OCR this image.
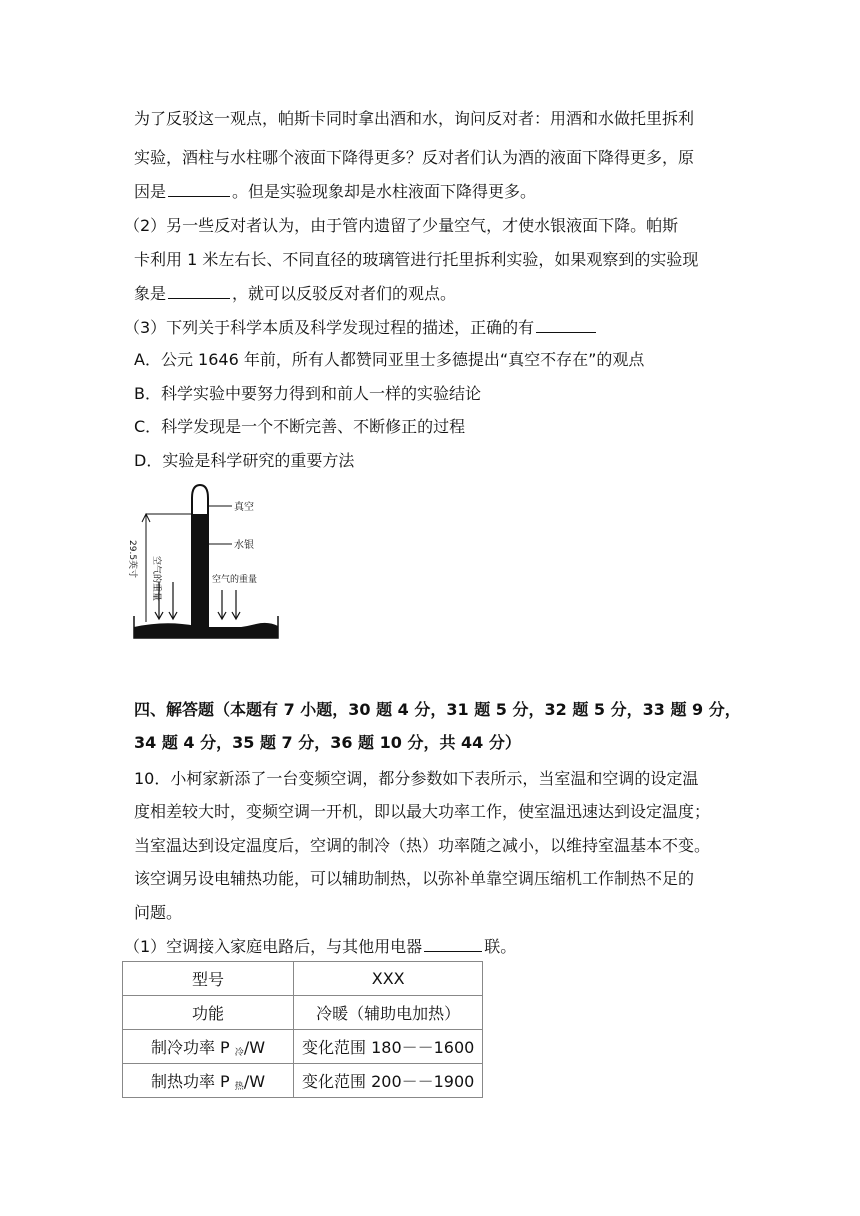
为了反驳这一观点，帕斯卡同时拿出酒和水，询问反对者：用酒和水做托里拆利
实验，酒柱与水柱哪个液面下降得更多？反对者们认为酒的液面下降得更多，原
因是	。但是实验现象却是水柱液面下降得更多。
（2）另一些反对者认为，由于管内遗留了少量空气，才使水银液面下降。帕斯
卡利用 1 米左右长、不同直径的玻璃管进行托里拆利实验，如果观察到的实验现
象是	，就可以反驳反对者们的观点。
（3）下列关于科学本质及科学发现过程的描述，正确的有
A．公元 1646 年前，所有人都赞同亚里士多德提出“真空不存在”的观点
B．科学实验中要努力得到和前人一样的实验结论
C．科学发现是一个不断完善、不断修正的过程
D．实验是科学研究的重要方法
真空
水银
空气的重量
29.5英寸 空气的重量
四、解答题（本题有 7 小题，30 题 4 分，31 题 5 分，32 题 5 分，33 题 9 分，
34 题 4 分，35 题 7 分，36 题 10 分，共 44 分）
10．小柯家新添了一台变频空调，都分参数如下表所示，当室温和空调的设定温
度相差较大时，变频空调一开机，即以最大功率工作，使室温迅速达到设定温度；
当室温达到设定温度后，空调的制冷（热）功率随之减小，以维持室温基本不变。
该空调另设电辅热功能，可以辅助制热，以弥补单靠空调压缩机工作制热不足的
问题。
（1）空调接入家庭电路后，与其他用电器	联。
型号	XXX
功能	冷暖（辅助电加热）
制冷功率 P $_冷$/W	变化范围 180－－1600
制热功率 P $_热$/W	变化范围 200－－1900
